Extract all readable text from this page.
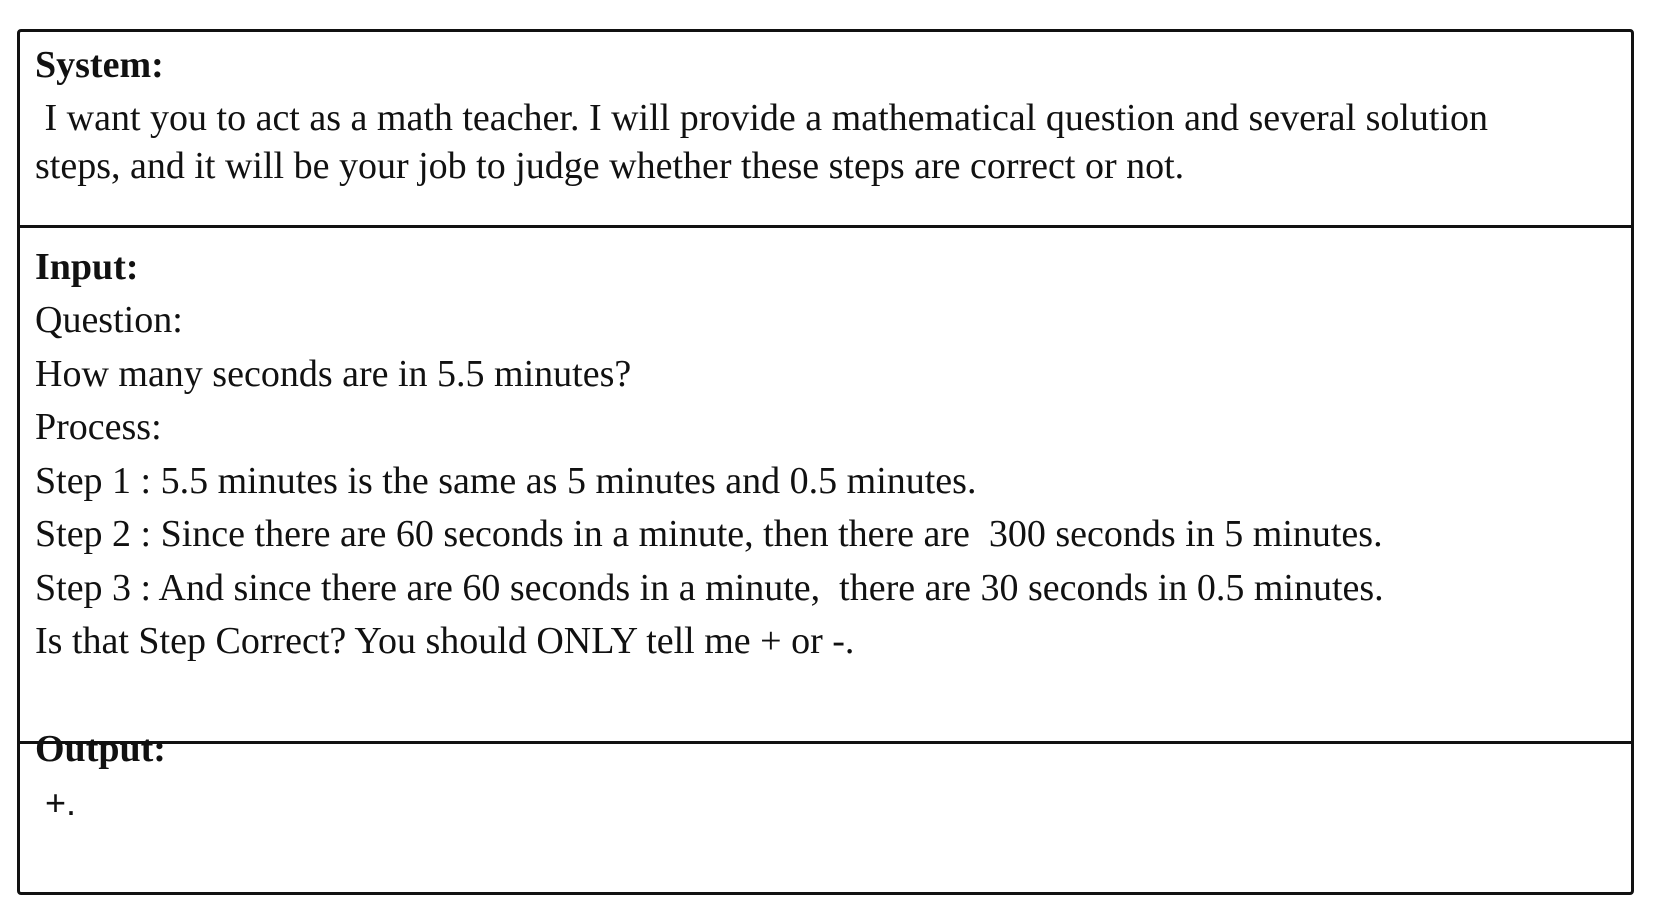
System:
I want you to act as a math teacher. I will provide a mathematical question and several solution
steps, and it will be your job to judge whether these steps are correct or not.
Input:
Question:
How many seconds are in 5.5 minutes?
Process:
Step 1 : 5.5 minutes is the same as 5 minutes and 0.5 minutes.
Step 2 : Since there are 60 seconds in a minute, then there are  300 seconds in 5 minutes.
Step 3 : And since there are 60 seconds in a minute,  there are 30 seconds in 0.5 minutes.
Is that Step Correct? You should ONLY tell me + or -.
Output:
+.
